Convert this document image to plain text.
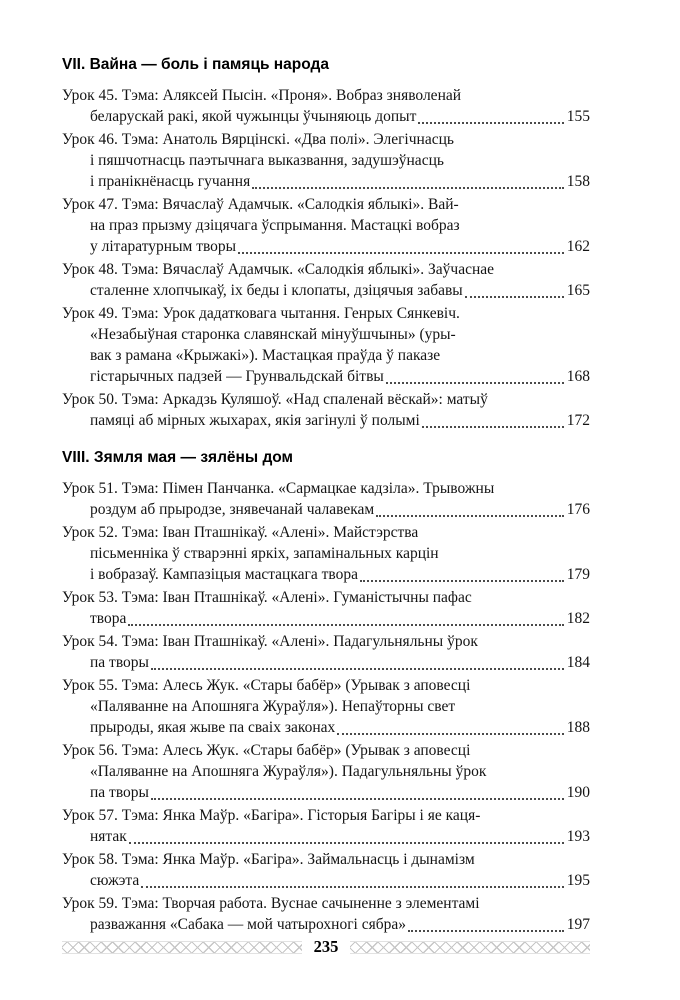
VII. Вайна — боль і памяць народа
Урок 45. Тэма: Аляксей Пысін. «Проня». Вобраз зняволенай
беларускай ракі, якой чужынцы ўчыняюць допыт	155
Урок 46. Тэма: Анатоль Вярцінскі. «Два полі». Элегічнасць
і пяшчотнасць паэтычнага выказвання, задушэўнасць
і пранікнёнасць гучання	158
Урок 47. Тэма: Вячаслаў Адамчык. «Салодкія яблыкі». Вай-
на праз прызму дзіцячага ўспрымання. Мастацкі вобраз
у літаратурным творы	162
Урок 48. Тэма: Вячаслаў Адамчык. «Салодкія яблыкі». Заўчаснае
сталенне хлопчыкаў, іх беды і клопаты, дзіцячыя забавы	165
Урок 49. Тэма: Урок дадатковага чытання. Генрых Сянкевіч.
«Незабыўная старонка славянскай мінуўшчыны» (уры-
вак з рамана «Крыжакі»). Мастацкая праўда ў паказе
гістарычных падзей — Грунвальдскай бітвы	168
Урок 50. Тэма: Аркадзь Куляшоў. «Над спаленай вёскай»: матыў
памяці аб мірных жыхарах, якія загінулі ў полымі	172
VIII. Зямля мая — зялёны дом
Урок 51. Тэма: Пімен Панчанка. «Сармацкае кадзіла». Трывожны
роздум аб прыродзе, знявечанай чалавекам	176
Урок 52. Тэма: Іван Пташнікаў. «Алені». Майстэрства
пісьменніка ў стварэнні яркіх, запамінальных карцін
і вобразаў. Кампазіцыя мастацкага твора	179
Урок 53. Тэма: Іван Пташнікаў. «Алені». Гуманістычны пафас
твора	182
Урок 54. Тэма: Іван Пташнікаў. «Алені». Падагульняльны ўрок
па творы	184
Урок 55. Тэма: Алесь Жук. «Стары бабёр» (Урывак з аповесці
«Паляванне на Апошняга Жураўля»). Непаўторны свет
прыроды, якая жыве па сваіх законах	188
Урок 56. Тэма: Алесь Жук. «Стары бабёр» (Урывак з аповесці
«Паляванне на Апошняга Жураўля»). Падагульняльны ўрок
па творы	190
Урок 57. Тэма: Янка Маўр. «Багіра». Гісторыя Багіры і яе каця-
нятак	193
Урок 58. Тэма: Янка Маўр. «Багіра». Займальнасць і дынамізм
сюжэта	195
Урок 59. Тэма: Творчая работа. Вуснае сачыненне з элементамі
разважання «Сабака — мой чатырохногі сябра»	197
235
